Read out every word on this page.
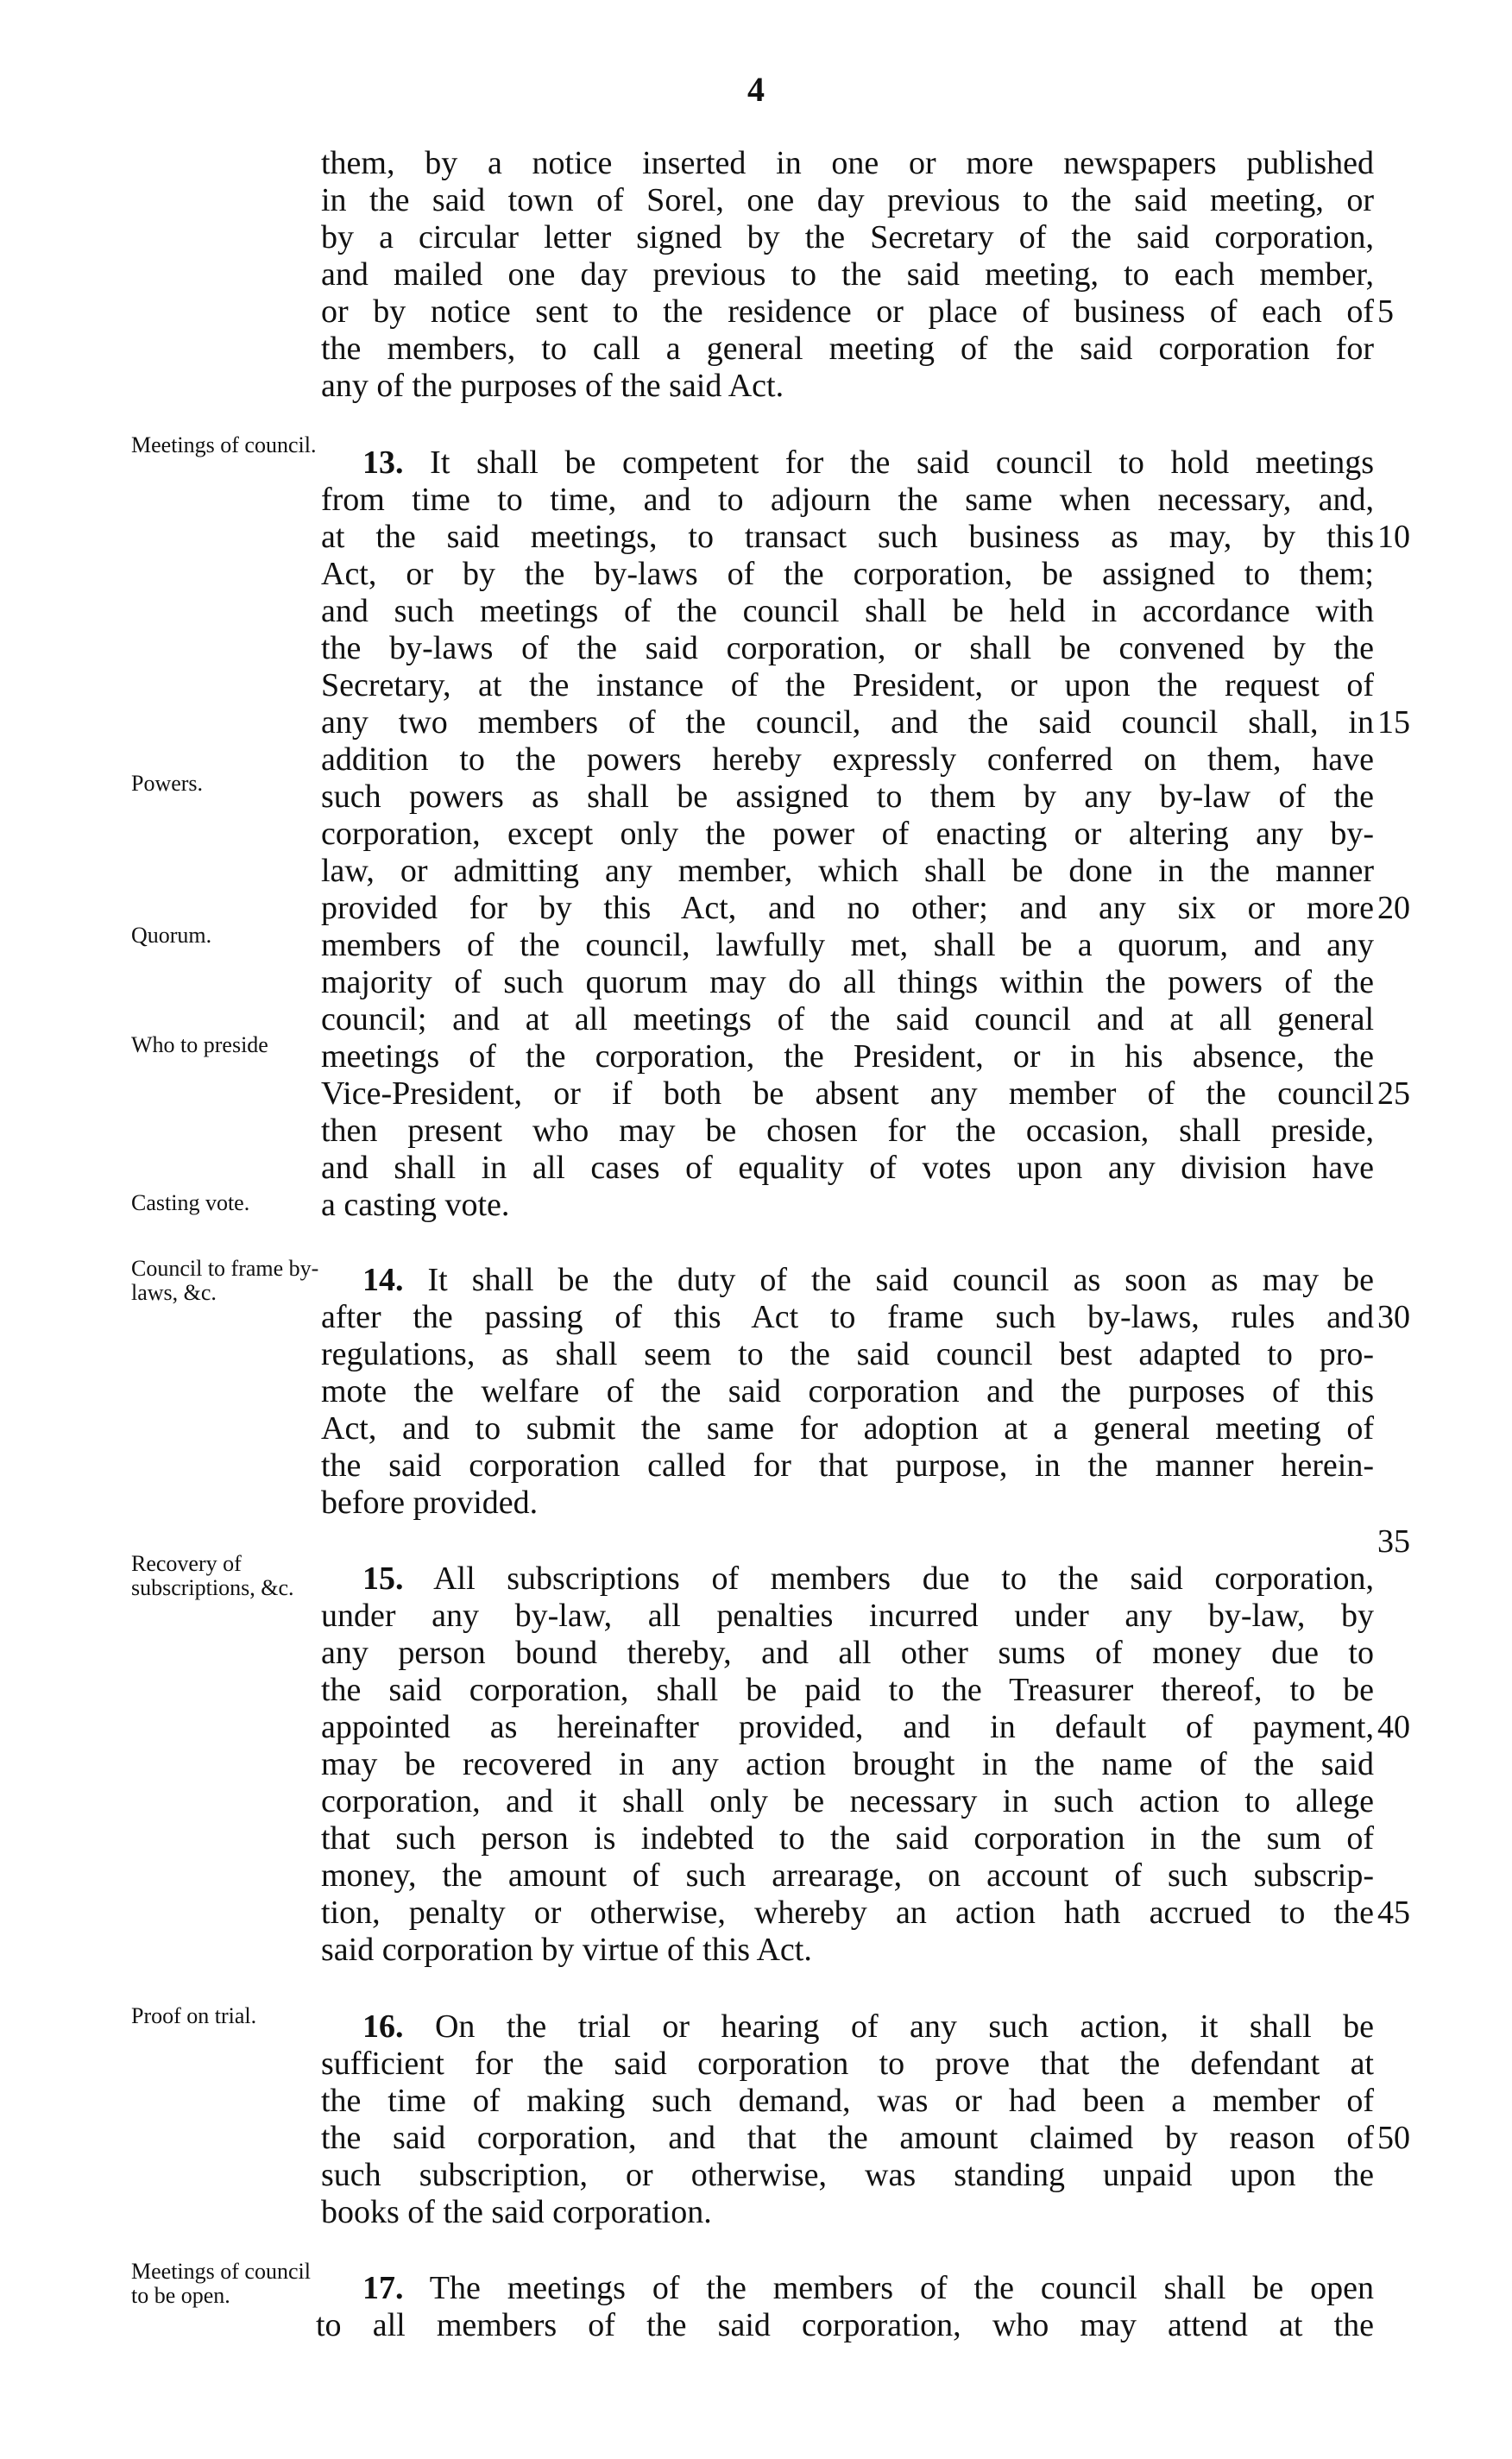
4
them, by a notice inserted in one or more newspapers published
in the said town of Sorel, one day previous to the said meeting, or
by a circular letter signed by the Secretary of the said corporation,
and mailed one day previous to the said meeting, to each member,
or by notice sent to the residence or place of business of each of 5
the members, to call a general meeting of the said corporation for
any of the purposes of the said Act.
13. It shall be competent for the said council to hold meetings
from time to time, and to adjourn the same when necessary, and,
at the said meetings, to transact such business as may, by this 10
Act, or by the by-laws of the corporation, be assigned to them;
and such meetings of the council shall be held in accordance with
the by-laws of the said corporation, or shall be convened by the
Secretary, at the instance of the President, or upon the request of
any two members of the council, and the said council shall, in 15
addition to the powers hereby expressly conferred on them, have
such powers as shall be assigned to them by any by-law of the
corporation, except only the power of enacting or altering any by-
law, or admitting any member, which shall be done in the manner
provided for by this Act, and no other; and any six or more 20
members of the council, lawfully met, shall be a quorum, and any
majority of such quorum may do all things within the powers of the
council; and at all meetings of the said council and at all general
meetings of the corporation, the President, or in his absence, the
Vice-President, or if both be absent any member of the council 25
then present who may be chosen for the occasion, shall preside,
and shall in all cases of equality of votes upon any division have
a casting vote.
14. It shall be the duty of the said council as soon as may be
after the passing of this Act to frame such by-laws, rules and 30
regulations, as shall seem to the said council best adapted to pro-
mote the welfare of the said corporation and the purposes of this
Act, and to submit the same for adoption at a general meeting of
the said corporation called for that purpose, in the manner herein-
before provided.
15. All subscriptions of members due to the said corporation,
under any by-law, all penalties incurred under any by-law, by
any person bound thereby, and all other sums of money due to
the said corporation, shall be paid to the Treasurer thereof, to be
appointed as hereinafter provided, and in default of payment, 40
may be recovered in any action brought in the name of the said
corporation, and it shall only be necessary in such action to allege
that such person is indebted to the said corporation in the sum of
money, the amount of such arrearage, on account of such subscrip-
tion, penalty or otherwise, whereby an action hath accrued to the 45
said corporation by virtue of this Act.
16. On the trial or hearing of any such action, it shall be
sufficient for the said corporation to prove that the defendant at
the time of making such demand, was or had been a member of
the said corporation, and that the amount claimed by reason of 50
such subscription, or otherwise, was standing unpaid upon the
books of the said corporation.
17. The meetings of the members of the council shall be open
to all members of the said corporation, who may attend at the
35
Meetings of council.
Powers.
Quorum.
Who to preside
Casting vote.
Council to frame by-laws, &c.
Recovery of subscriptions, &c.
Proof on trial.
Meetings of council to be open.
